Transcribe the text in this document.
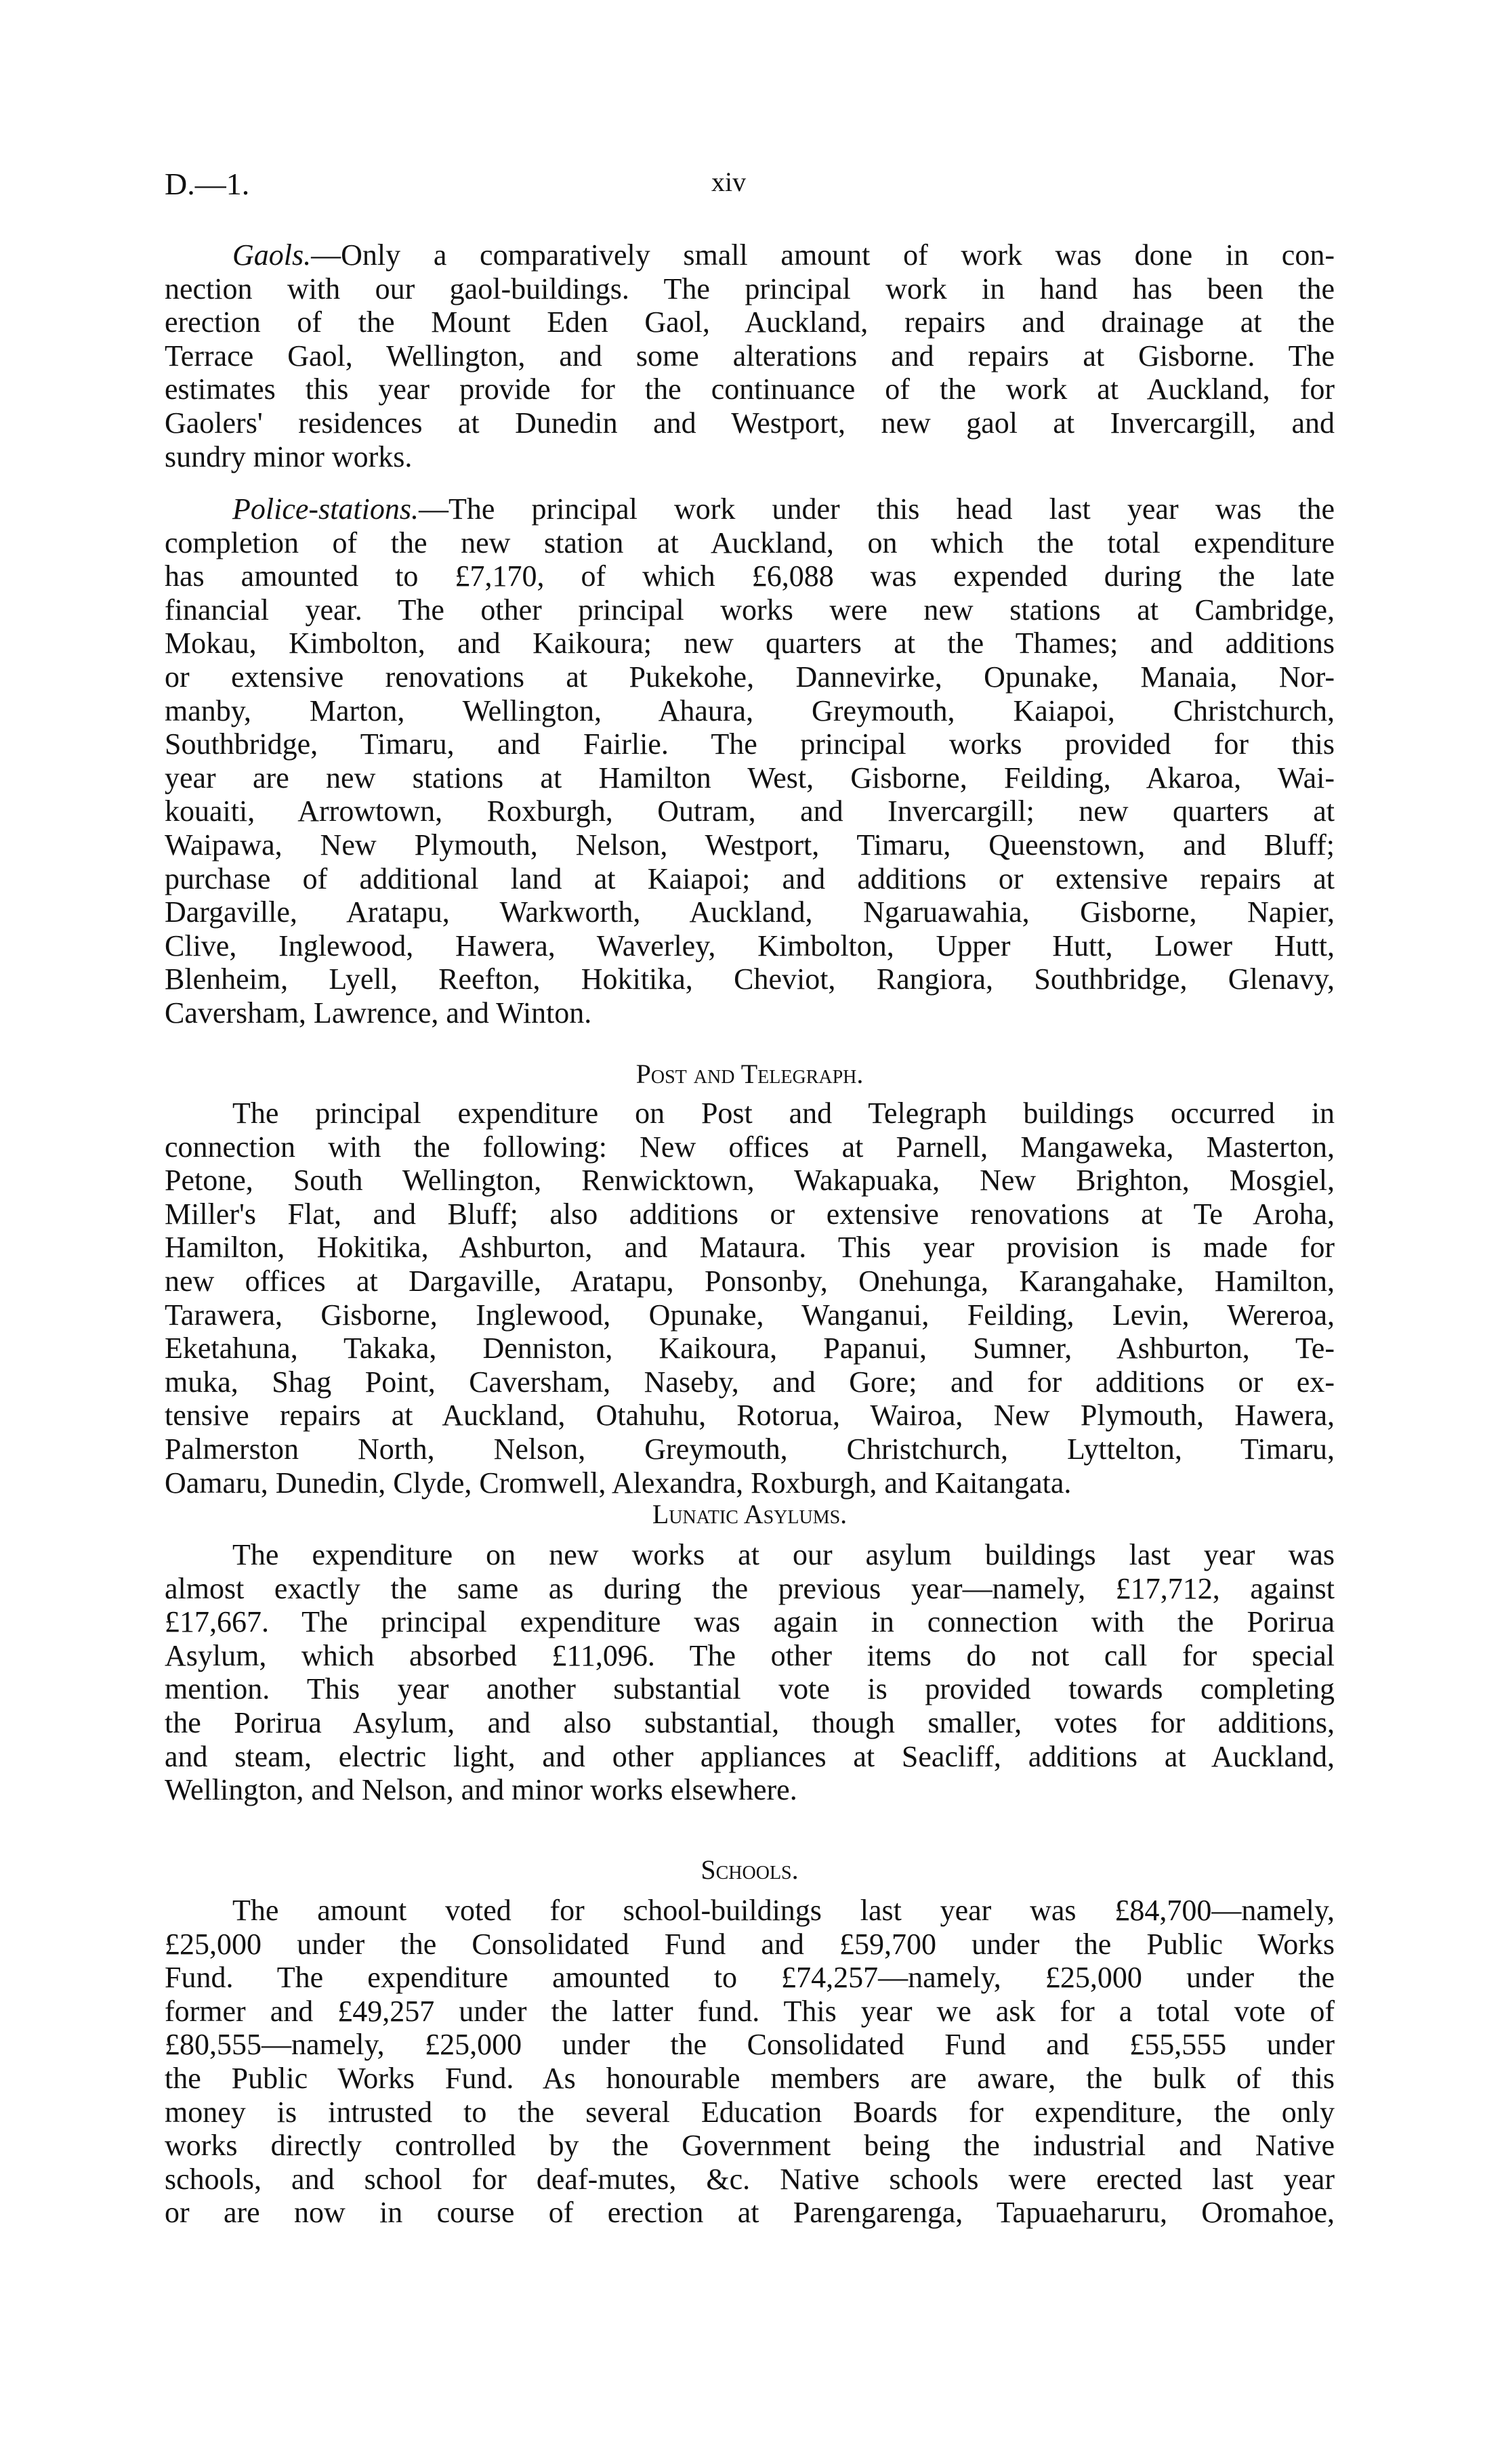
D.—1.	xiv
Gaols.—Only a comparatively small amount of work was done in con-
nection with our gaol-buildings. The principal work in hand has been the
erection of the Mount Eden Gaol, Auckland, repairs and drainage at the
Terrace Gaol, Wellington, and some alterations and repairs at Gisborne. The
estimates this year provide for the continuance of the work at Auckland, for
Gaolers' residences at Dunedin and Westport, new gaol at Invercargill, and
sundry minor works.
Police-stations.—The principal work under this head last year was the
completion of the new station at Auckland, on which the total expenditure
has amounted to £7,170, of which £6,088 was expended during the late
financial year. The other principal works were new stations at Cambridge,
Mokau, Kimbolton, and Kaikoura; new quarters at the Thames; and additions
or extensive renovations at Pukekohe, Dannevirke, Opunake, Manaia, Nor-
manby, Marton, Wellington, Ahaura, Greymouth, Kaiapoi, Christchurch,
Southbridge, Timaru, and Fairlie. The principal works provided for this
year are new stations at Hamilton West, Gisborne, Feilding, Akaroa, Wai-
kouaiti, Arrowtown, Roxburgh, Outram, and Invercargill; new quarters at
Waipawa, New Plymouth, Nelson, Westport, Timaru, Queenstown, and Bluff;
purchase of additional land at Kaiapoi; and additions or extensive repairs at
Dargaville, Aratapu, Warkworth, Auckland, Ngaruawahia, Gisborne, Napier,
Clive, Inglewood, Hawera, Waverley, Kimbolton, Upper Hutt, Lower Hutt,
Blenheim, Lyell, Reefton, Hokitika, Cheviot, Rangiora, Southbridge, Glenavy,
Caversham, Lawrence, and Winton.
Post and Telegraph.
The principal expenditure on Post and Telegraph buildings occurred in
connection with the following: New offices at Parnell, Mangaweka, Masterton,
Petone, South Wellington, Renwicktown, Wakapuaka, New Brighton, Mosgiel,
Miller's Flat, and Bluff; also additions or extensive renovations at Te Aroha,
Hamilton, Hokitika, Ashburton, and Mataura. This year provision is made for
new offices at Dargaville, Aratapu, Ponsonby, Onehunga, Karangahake, Hamilton,
Tarawera, Gisborne, Inglewood, Opunake, Wanganui, Feilding, Levin, Wereroa,
Eketahuna, Takaka, Denniston, Kaikoura, Papanui, Sumner, Ashburton, Te-
muka, Shag Point, Caversham, Naseby, and Gore; and for additions or ex-
tensive repairs at Auckland, Otahuhu, Rotorua, Wairoa, New Plymouth, Hawera,
Palmerston North, Nelson, Greymouth, Christchurch, Lyttelton, Timaru,
Oamaru, Dunedin, Clyde, Cromwell, Alexandra, Roxburgh, and Kaitangata.
Lunatic Asylums.
The expenditure on new works at our asylum buildings last year was
almost exactly the same as during the previous year—namely, £17,712, against
£17,667. The principal expenditure was again in connection with the Porirua
Asylum, which absorbed £11,096. The other items do not call for special
mention. This year another substantial vote is provided towards completing
the Porirua Asylum, and also substantial, though smaller, votes for additions,
and steam, electric light, and other appliances at Seacliff, additions at Auckland,
Wellington, and Nelson, and minor works elsewhere.
Schools.
The amount voted for school-buildings last year was £84,700—namely,
£25,000 under the Consolidated Fund and £59,700 under the Public Works
Fund. The expenditure amounted to £74,257—namely, £25,000 under the
former and £49,257 under the latter fund. This year we ask for a total vote of
£80,555—namely, £25,000 under the Consolidated Fund and £55,555 under
the Public Works Fund. As honourable members are aware, the bulk of this
money is intrusted to the several Education Boards for expenditure, the only
works directly controlled by the Government being the industrial and Native
schools, and school for deaf-mutes, &c. Native schools were erected last year
or are now in course of erection at Parengarenga, Tapuaeharuru, Oromahoe,
